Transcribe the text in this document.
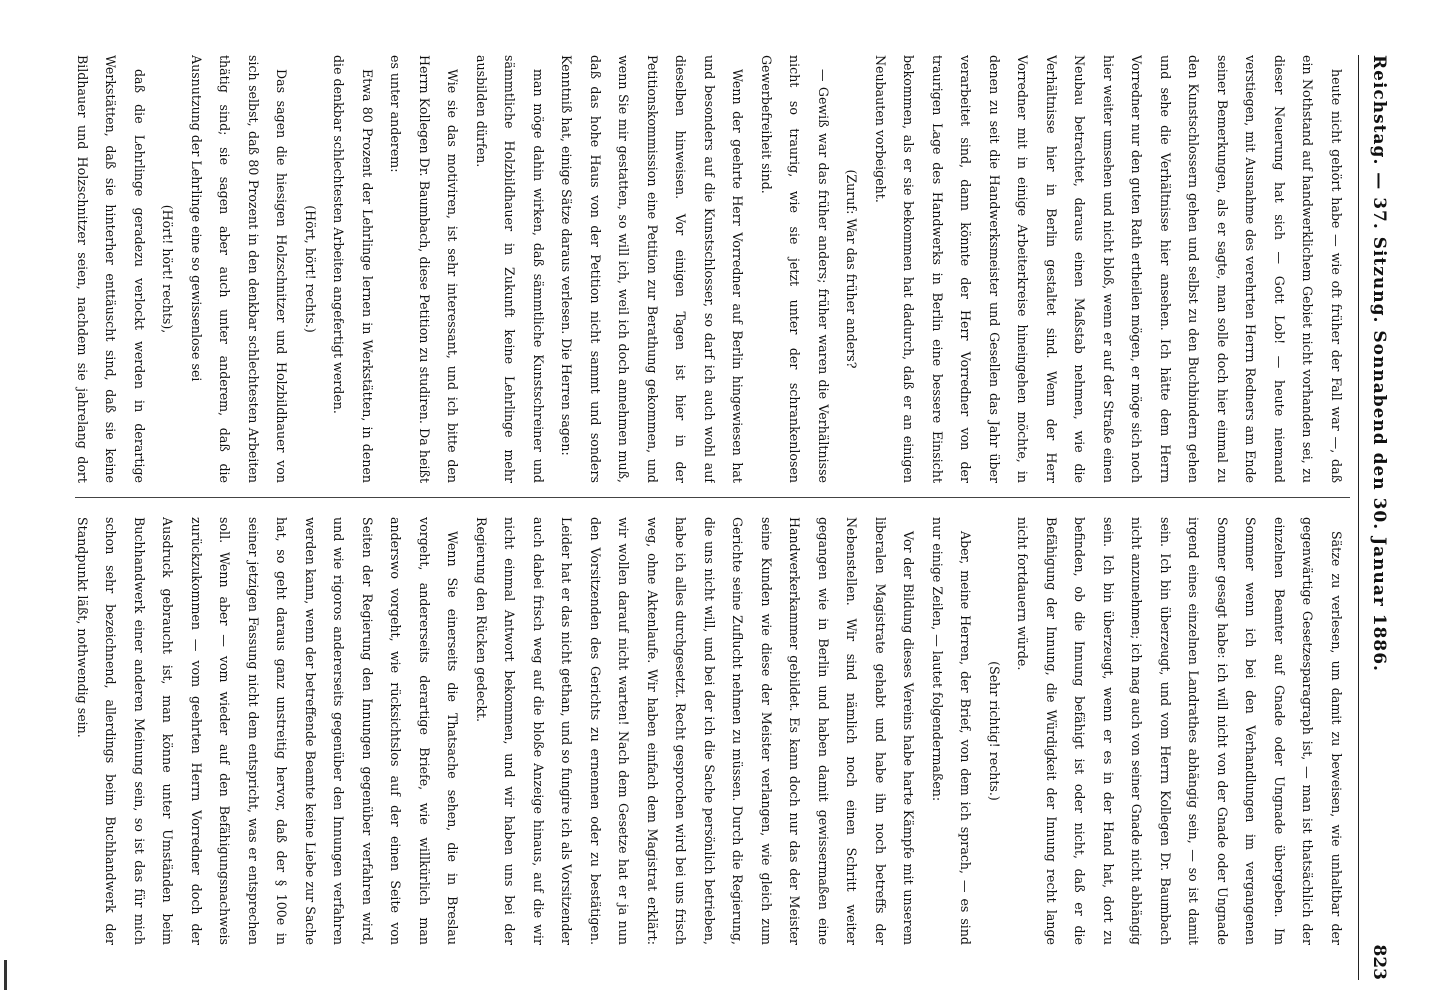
Reichstag. — 37. Sitzung. Sonnabend den 30. Januar 1886.
823

heute nicht gehört habe — wie oft früher der Fall war —, daß ein Nothstand auf handwerklichem Gebiet nicht vorhanden sei, zu dieser Neuerung hat sich — Gott Lob! — heute niemand verstiegen, mit Ausnahme des verehrten Herrn Redners am Ende seiner Bemerkungen, als er sagte, man solle doch hier einmal zu den Kunstschlossern gehen und selbst zu den Buchbindern gehen und sehe die Verhältnisse hier ansehen. Ich hätte dem Herrn Vorredner nur den guten Rath ertheilen mögen, er möge sich noch hier weiter umsehen und nicht bloß, wenn er auf der Straße einen Neubau betrachtet, daraus einen Maßstab nehmen, wie die Verhältnisse hier in Berlin gestaltet sind. Wenn der Herr Vorredner mit in einige Arbeiterkreise hineingehen möchte, in denen zu seit die Handwerksmeister und Gesellen das Jahr über verarbeitet sind, dann könnte der Herr Vorredner von der traurigen Lage des Handwerks in Berlin eine bessere Einsicht bekommen, als er sie bekommen hat dadurch, daß er an einigen Neubauten vorbeigeht.

(Zuruf: War das früher anders?

— Gewiß war das früher anders; früher waren die Verhältnisse nicht so traurig, wie sie jetzt unter der schrankenlosen Gewerbefreiheit sind.

Wenn der geehrte Herr Vorredner auf Berlin hingewiesen hat und besonders auf die Kunstschlosser, so darf ich auch wohl auf dieselben hinweisen. Vor einigen Tagen ist hier in der Petitionskommission eine Petition zur Berathung gekommen, und wenn Sie mir gestatten, so will ich, weil ich doch annehmen muß, daß das hohe Haus von der Petition nicht sammt und sonders Kenntniß hat, einige Sätze daraus verlesen. Die Herren sagen:

man möge dahin wirken, daß sämmtliche Kunstschreiner und sämmtliche Holzbildhauer in Zukunft keine Lehrlinge mehr ausbilden dürfen.

Wie sie das motiviren, ist sehr interessant, und ich bitte den Herrn Kollegen Dr. Baumbach, diese Petition zu studiren. Da heißt es unter anderem:

Etwa 80 Prozent der Lehrlinge lernen in Werkstätten, in denen die denkbar schlechtesten Arbeiten angefertigt werden.

(Hört, hört! rechts.)

Das sagen die hiesigen Holzschnitzer und Holzbildhauer von sich selbst, daß 80 Prozent in den denkbar schlechtesten Arbeiten thätig sind; sie sagen aber auch unter anderem, daß die Ausnutzung der Lehrlinge eine so gewissenlose sei

(Hört! hört! rechts),

daß die Lehrlinge geradezu verlockt werden in derartige Werkstätten, daß sie hinterher enttäuscht sind, daß sie keine Bildhauer und Holzschnitzer seien, nachdem sie jahrelang dort

Sätze zu verlesen, um damit zu beweisen, wie unhaltbar der gegenwärtige Gesetzesparagraph ist, — man ist thatsächlich der einzelnen Beamter auf Gnade oder Ungnade übergeben. Im Sommer wenn ich bei den Verhandlungen im vergangenen Sommer gesagt habe: ich will nicht von der Gnade oder Ungnade irgend eines einzelnen Landrathes abhängig sein, — so ist damit sein. Ich bin überzeugt, und vom Herrn Kollegen Dr. Baumbach nicht anzunehmen; ich mag auch von seiner Gnade nicht abhängig sein. Ich bin überzeugt, wenn er es in der Hand hat, dort zu befinden, ob die Innung befähigt ist oder nicht, daß er die Befähigung der Innung, die Würdigkeit der Innung recht lange nicht fortdauern würde.

(Sehr richtig! rechts.)

Aber, meine Herren, der Brief, von dem ich sprach, — es sind nur einige Zeilen, — lautet folgendermaßen:

Vor der Bildung dieses Vereins habe harte Kämpfe mit unserem liberalen Magistrate gehabt und habe ihn noch betreffs der Nebenstellen. Wir sind nämlich noch einen Schritt weiter gegangen wie in Berlin und haben damit gewissermaßen eine Handwerkerkammer gebildet. Es kann doch nur das der Meister seine Kunden wie diese der Meister verlangen, wie gleich zum Gerichte seine Zuflucht nehmen zu müssen. Durch die Regierung, die uns nicht will, und bei der ich die Sache persönlich betrieben, habe ich alles durchgesetzt. Recht gesprochen wird bei uns frisch weg, ohne Aktenlaufe. Wir haben einfach dem Magistrat erklärt: wir wollen darauf nicht warten! Nach dem Gesetze hat er ja nun den Vorsitzenden des Gerichts zu ernennen oder zu bestätigen. Leider hat er das nicht gethan, und so fungire ich als Vorsitzender auch dabei frisch weg auf die bloße Anzeige hinaus, auf die wir nicht einmal Antwort bekommen, und wir haben uns bei der Regierung den Rücken gedeckt.

Wenn Sie einerseits die Thatsache sehen, die in Breslau vorgeht, andererseits derartige Briefe, wie willkürlich man anderswo vorgeht, wie rücksichtslos auf der einen Seite von Seiten der Regierung den Innungen gegenüber verfahren wird, und wie rigoros andererseits gegenüber den Innungen verfahren werden kann, wenn der betreffende Beamte keine Liebe zur Sache hat, so geht daraus ganz unstreitig hervor, daß der § 100e in seiner jetzigen Fassung nicht dem entspricht, was er entsprechen soll. Wenn aber — vom wieder auf den Befähigungsnachweis zurückzukommen — vom geehrten Herrn Vorredner doch der Ausdruck gebraucht ist, man könne unter Umständen beim Buchhandwerk einer anderen Meinung sein, so ist das für mich schon sehr bezeichnend, allerdings beim Buchhandwerk der Standpunkt läßt, nothwendig sein.
